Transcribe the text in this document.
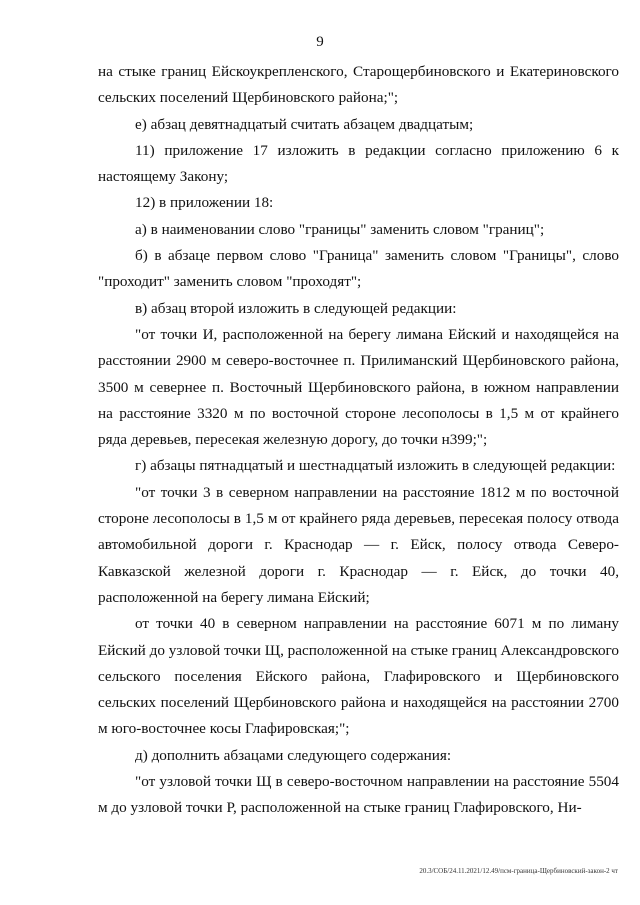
9

на стыке границ Ейскоукрепленского, Старощербиновского и Екатериновского сельских поселений Щербиновского района;";

е) абзац девятнадцатый считать абзацем двадцатым;

11) приложение 17 изложить в редакции согласно приложению 6 к настоящему Закону;

12) в приложении 18:

а) в наименовании слово "границы" заменить словом "границ";

б) в абзаце первом слово "Граница" заменить словом "Границы", слово "проходит" заменить словом "проходят";

в) абзац второй изложить в следующей редакции:

"от точки И, расположенной на берегу лимана Ейский и находящейся на расстоянии 2900 м северо-восточнее п. Прилиманский Щербиновского района, 3500 м севернее п. Восточный Щербиновского района, в южном направлении на расстояние 3320 м по восточной стороне лесополосы в 1,5 м от крайнего ряда деревьев, пересекая железную дорогу, до точки н399;";

г) абзацы пятнадцатый и шестнадцатый изложить в следующей редакции:

"от точки 3 в северном направлении на расстояние 1812 м по восточной стороне лесополосы в 1,5 м от крайнего ряда деревьев, пересекая полосу отвода автомобильной дороги г. Краснодар — г. Ейск, полосу отвода Северо-Кавказской железной дороги г. Краснодар — г. Ейск, до точки 40, расположенной на берегу лимана Ейский;

от точки 40 в северном направлении на расстояние 6071 м по лиману Ейский до узловой точки Щ, расположенной на стыке границ Александровского сельского поселения Ейского района, Глафировского и Щербиновского сельских поселений Щербиновского района и находящейся на расстоянии 2700 м юго-восточнее косы Глафировская;";

д) дополнить абзацами следующего содержания:

"от узловой точки Щ в северо-восточном направлении на расстояние 5504 м до узловой точки Р, расположенной на стыке границ Глафировского, Ни-

20.3/СОБ/24.11.2021/12.49/псм-граница-Щербиновский-закон-2 чт
